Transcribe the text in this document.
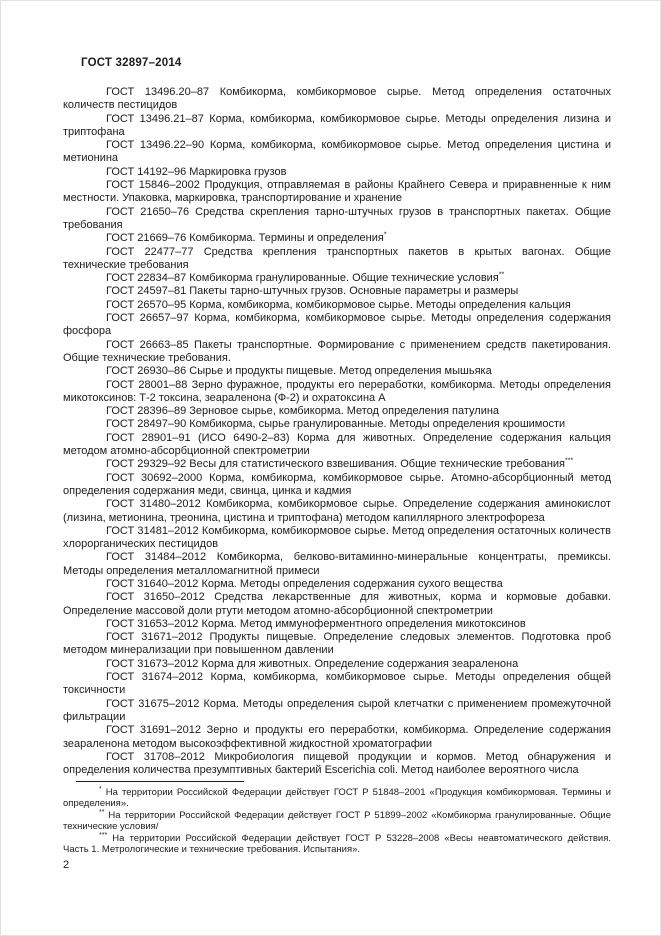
ГОСТ 32897–2014

ГОСТ 13496.20–87 Комбикорма, комбикормовое сырье. Метод определения остаточных количеств пестицидов

ГОСТ 13496.21–87 Корма, комбикорма, комбикормовое сырье. Методы определения лизина и триптофана

ГОСТ 13496.22–90 Корма, комбикорма, комбикормовое сырье. Метод определения цистина и метионина

ГОСТ 14192–96 Маркировка грузов

ГОСТ 15846–2002 Продукция, отправляемая в районы Крайнего Севера и приравненные к ним местности. Упаковка, маркировка, транспортирование и хранение

ГОСТ 21650–76 Средства скрепления тарно-штучных грузов в транспортных пакетах. Общие требования

ГОСТ 21669–76 Комбикорма. Термины и определения*

ГОСТ 22477–77 Средства крепления транспортных пакетов в крытых вагонах. Общие технические требования

ГОСТ 22834–87 Комбикорма гранулированные. Общие технические условия**

ГОСТ 24597–81 Пакеты тарно-штучных грузов. Основные параметры и размеры

ГОСТ 26570–95 Корма, комбикорма, комбикормовое сырье. Методы определения кальция

ГОСТ 26657–97 Корма, комбикорма, комбикормовое сырье. Методы определения содержания фосфора

ГОСТ 26663–85 Пакеты транспортные. Формирование с применением средств пакетирования. Общие технические требования.

ГОСТ 26930–86 Сырье и продукты пищевые. Метод определения мышьяка

ГОСТ 28001–88 Зерно фуражное, продукты его переработки, комбикорма. Методы определения микотоксинов: Т-2 токсина, зеараленона (Ф-2) и охратоксина А

ГОСТ 28396–89 Зерновое сырье, комбикорма. Метод определения патулина

ГОСТ 28497–90 Комбикорма, сырье гранулированные. Методы определения крошимости

ГОСТ 28901–91 (ИСО 6490-2–83) Корма для животных. Определение содержания кальция методом атомно-абсорбционной спектрометрии

ГОСТ 29329–92 Весы для статистического взвешивания. Общие технические требования***

ГОСТ 30692–2000 Корма, комбикорма, комбикормовое сырье. Атомно-абсорбционный метод определения содержания меди, свинца, цинка и кадмия

ГОСТ 31480–2012 Комбикорма, комбикормовое сырье. Определение содержания аминокислот (лизина, метионина, треонина, цистина и триптофана) методом капиллярного электрофореза

ГОСТ 31481–2012 Комбикорма, комбикормовое сырье. Метод определения остаточных количеств хлорорганических пестицидов

ГОСТ 31484–2012 Комбикорма, белково-витаминно-минеральные концентраты, премиксы. Методы определения металломагнитной примеси

ГОСТ 31640–2012 Корма. Методы определения содержания сухого вещества

ГОСТ 31650–2012 Средства лекарственные для животных, корма и кормовые добавки. Определение массовой доли ртути методом атомно-абсорбционной спектрометрии

ГОСТ 31653–2012 Корма. Метод иммуноферментного определения микотоксинов

ГОСТ 31671–2012 Продукты пищевые. Определение следовых элементов. Подготовка проб методом минерализации при повышенном давлении

ГОСТ 31673–2012 Корма для животных. Определение содержания зеараленона

ГОСТ 31674–2012 Корма, комбикорма, комбикормовое сырье. Методы определения общей токсичности

ГОСТ 31675–2012 Корма. Методы определения сырой клетчатки с применением промежуточной фильтрации

ГОСТ 31691–2012 Зерно и продукты его переработки, комбикорма. Определение содержания зеараленона методом высокоэффективной жидкостной хроматографии

ГОСТ 31708–2012 Микробиология пищевой продукции и кормов. Метод обнаружения и определения количества презумптивных бактерий Escerichia coli. Метод наиболее вероятного числа

* На территории Российской Федерации действует ГОСТ Р 51848–2001 «Продукция комбикормовая. Термины и определения».

** На территории Российской Федерации действует ГОСТ Р 51899–2002 «Комбикорма гранулированные. Общие технические условия/

*** На территории Российской Федерации действует ГОСТ Р 53228–2008 «Весы неавтоматического действия. Часть 1. Метрологические и технические требования. Испытания».

2
